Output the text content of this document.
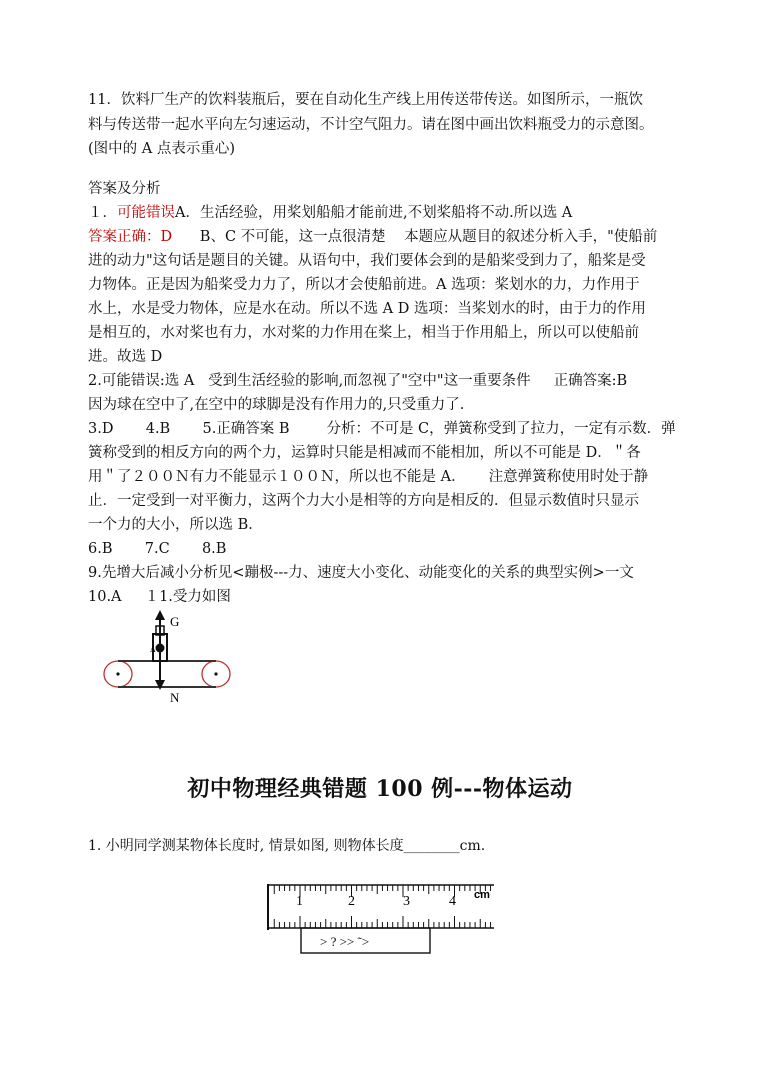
11．饮料厂生产的饮料装瓶后，要在自动化生产线上用传送带传送。如图所示，一瓶饮
料与传送带一起水平向左匀速运动，不计空气阻力。请在图中画出饮料瓶受力的示意图。
(图中的 A 点表示重心)
答案及分析
１．可能错误A．生活经验，用桨划船船才能前进,不划桨船将不动.所以选 A
答案正确：D      B、C 不可能，这一点很清楚    本题应从题目的叙述分析入手，"使船前
进的动力"这句话是题目的关键。从语句中，我们要体会到的是船桨受到力了，船桨是受
力物体。正是因为船桨受力力了，所以才会使船前进。A 选项：桨划水的力，力作用于
水上，水是受力物体，应是水在动。所以不选 A D 选项：当桨划水的时，由于力的作用
是相互的，水对桨也有力，水对桨的力作用在桨上，相当于作用船上，所以可以使船前
进。故选 D
2.可能错误:选 A   受到生活经验的影响,而忽视了"空中"这一重要条件     正确答案:B
因为球在空中了,在空中的球脚是没有作用力的,只受重力了.
3.D       4.B       5.正确答案 B        分析：不可是 C，弹簧称受到了拉力，一定有示数．弹
簧称受到的相反方向的两个力，运算时只能是相减而不能相加，所以不可能是 D．＂各
用＂了２００Ｎ有力不能显示１００Ｎ，所以也不能是 A．     注意弹簧称使用时处于静
止．一定受到一对平衡力，这两个力大小是相等的方向是相反的．但显示数值时只显示
一个力的大小，所以选 B．
6.B       7.C       8.B
9.先增大后减小分析见<蹦极---力、速度大小变化、动能变化的关系的典型实例>一文
10.A     １1.受力如图
G
N
A
初中物理经典错题 100 例---物体运动
1. 小明同学测某物体长度时, 情景如图, 则物体长度________cm.
1	2	3	4 cm
> ? >> ˜>
